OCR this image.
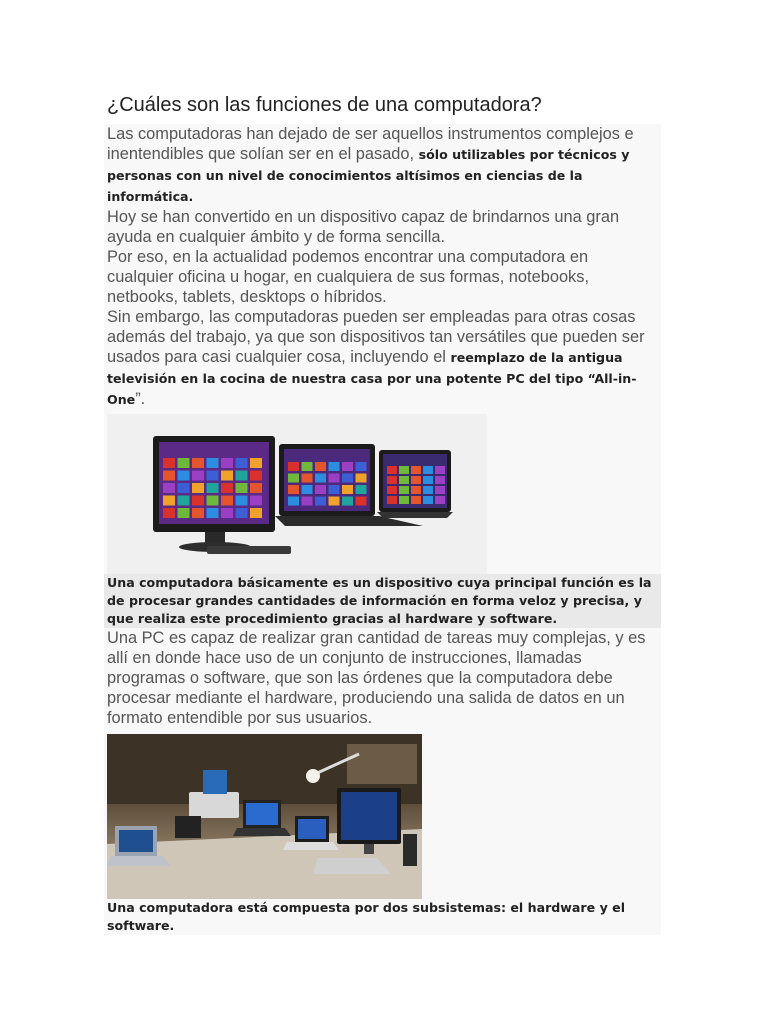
¿Cuáles son las funciones de una computadora?

Las computadoras han dejado de ser aquellos instrumentos complejos e inentendibles que solían ser en el pasado, sólo utilizables por técnicos y personas con un nivel de conocimientos altísimos en ciencias de la informática.

Hoy se han convertido en un dispositivo capaz de brindarnos una gran ayuda en cualquier ámbito y de forma sencilla.

Por eso, en la actualidad podemos encontrar una computadora en cualquier oficina u hogar, en cualquiera de sus formas, notebooks, netbooks, tablets, desktops o híbridos.

Sin embargo, las computadoras pueden ser empleadas para otras cosas además del trabajo, ya que son dispositivos tan versátiles que pueden ser usados para casi cualquier cosa, incluyendo el reemplazo de la antigua televisión en la cocina de nuestra casa por una potente PC del tipo “All-in-One”.

Una computadora básicamente es un dispositivo cuya principal función es la de procesar grandes cantidades de información en forma veloz y precisa, y que realiza este procedimiento gracias al hardware y software.

Una PC es capaz de realizar gran cantidad de tareas muy complejas, y es allí en donde hace uso de un conjunto de instrucciones, llamadas programas o software, que son las órdenes que la computadora debe procesar mediante el hardware, produciendo una salida de datos en un formato entendible por sus usuarios.

Una computadora está compuesta por dos subsistemas: el hardware y el software.
